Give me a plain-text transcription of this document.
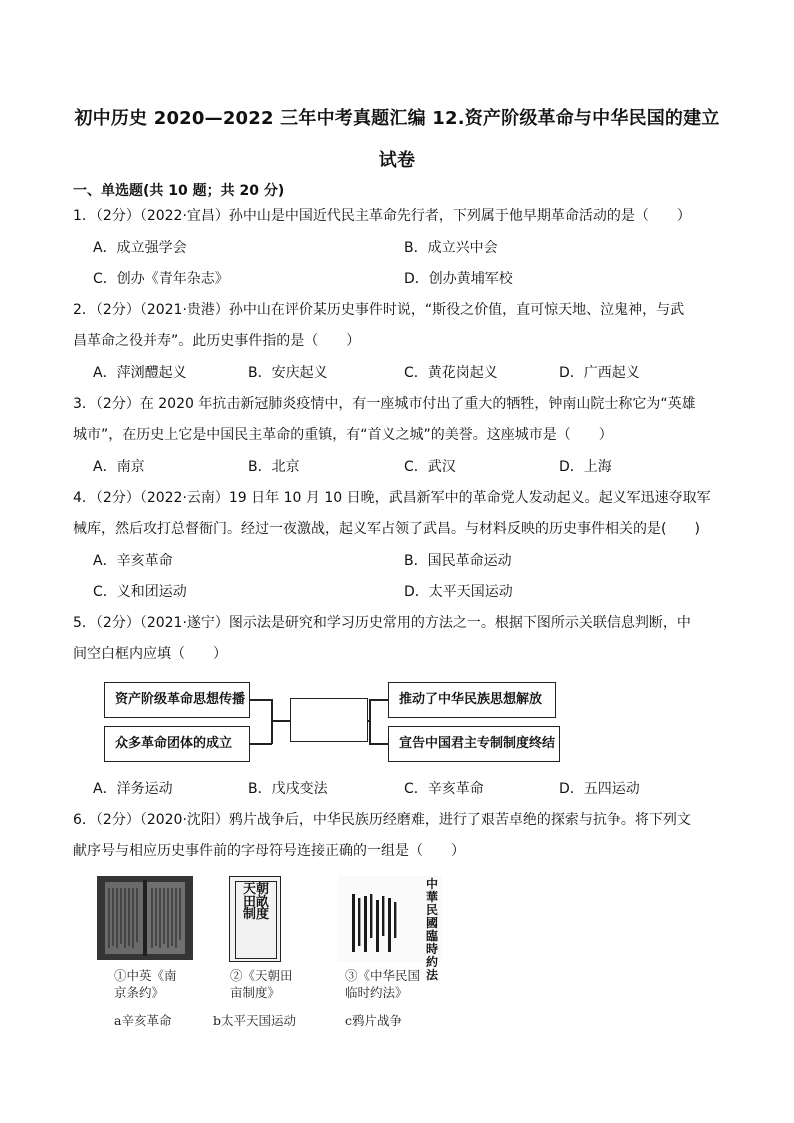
初中历史 2020—2022 三年中考真题汇编 12.资产阶级革命与中华民国的建立
试卷
一、单选题(共 10 题；共 20 分)
1．（2分）（2022·宜昌）孙中山是中国近代民主革命先行者，下列属于他早期革命活动的是（　　）
A．成立强学会	B．成立兴中会
C．创办《青年杂志》	D．创办黄埔军校
2．（2分）（2021·贵港）孙中山在评价某历史事件时说，“斯役之价值，直可惊天地、泣鬼神，与武
昌革命之役并寿”。此历史事件指的是（　　）
A．萍浏醴起义	B．安庆起义	C．黄花岗起义	D．广西起义
3．（2分）在 2020 年抗击新冠肺炎疫情中，有一座城市付出了重大的牺牲，钟南山院士称它为“英雄
城市”，在历史上它是中国民主革命的重镇，有“首义之城”的美誉。这座城市是（　　）
A．南京	B．北京	C．武汉	D．上海
4．（2分）（2022·云南）19 日年 10 月 10 日晚，武昌新军中的革命党人发动起义。起义军迅速夺取军
械库，然后攻打总督衙门。经过一夜激战，起义军占领了武昌。与材料反映的历史事件相关的是(　　)
A．辛亥革命	B．国民革命运动
C．义和团运动	D．太平天国运动
5．（2分）（2021·遂宁）图示法是研究和学习历史常用的方法之一。根据下图所示关联信息判断，中
间空白框内应填（　　）
资产阶级革命思想传播
众多革命团体的成立
推动了中华民族思想解放
宣告中国君主专制制度终结
A．洋务运动	B．戊戌变法	C．辛亥革命	D．五四运动
6．（2分）（2020·沈阳）鸦片战争后，中华民族历经磨难，进行了艰苦卓绝的探索与抗争。将下列文
献序号与相应历史事件前的字母符号连接正确的一组是（　　）
①中英《南
京条约》
a辛亥革命
天朝田畝制度
②《天朝田
亩制度》
b太平天国运动
中華民國臨時約法
③《中华民国
临时约法》
c鸦片战争
